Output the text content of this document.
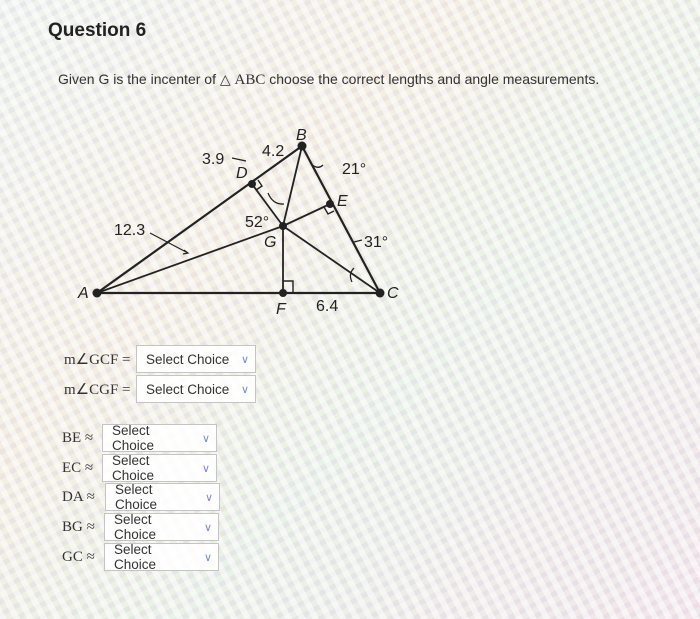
Question 6
Given G is the incenter of △ ABC choose the correct lengths and angle measurements.
A
B
C
D
E
F
G
3.9 4.2
12.3
6.4
21°
52°
31°
m∠GCF =	Select Choice ∨
m∠CGF =	Select Choice ∨
BE ≈	Select Choice	∨
EC ≈	Select Choice	∨
DA ≈	Select Choice	∨
BG ≈	Select Choice	∨
GC ≈	Select Choice	∨
